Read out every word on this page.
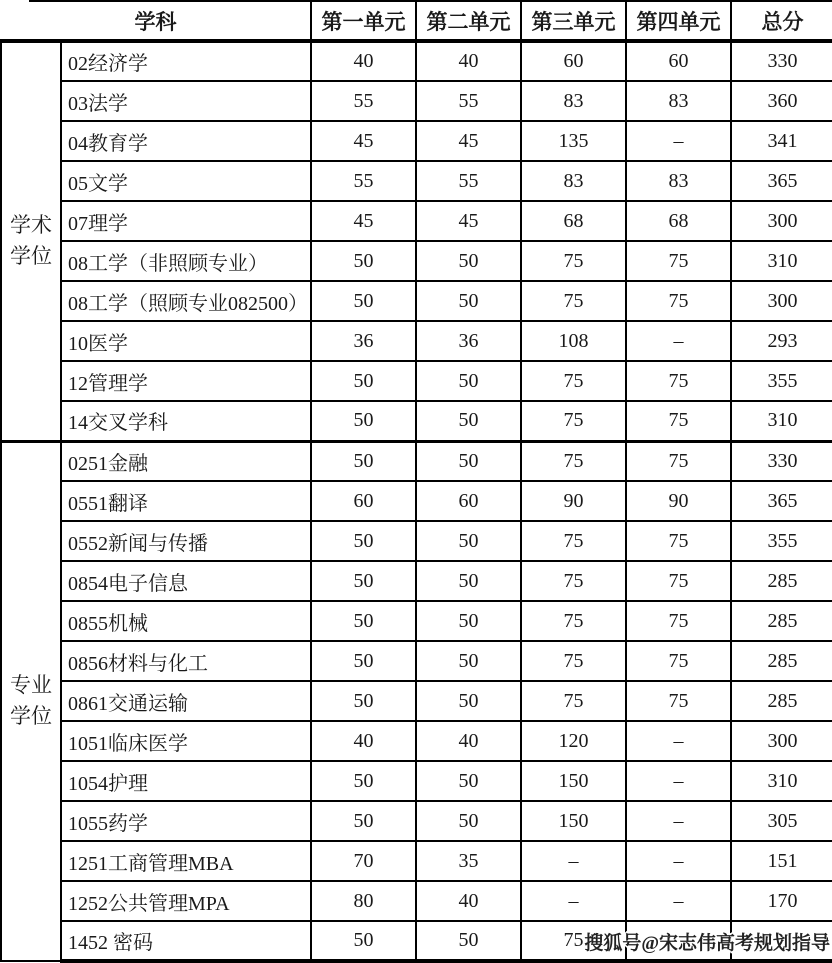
学科		第一单元	第二单元	第三单元	第四单元	总分
学术学位	02经济学	40	40	60	60	330
	03法学	55	55	83	83	360
	04教育学	45	45	135	–	341
	05文学	55	55	83	83	365
	07理学	45	45	68	68	300
	08工学（非照顾专业）	50	50	75	75	310
	08工学（照顾专业082500）	50	50	75	75	300
	10医学	36	36	108	–	293
	12管理学	50	50	75	75	355
	14交叉学科	50	50	75	75	310
专业学位	0251金融	50	50	75	75	330
	0551翻译	60	60	90	90	365
	0552新闻与传播	50	50	75	75	355
	0854电子信息	50	50	75	75	285
	0855机械	50	50	75	75	285
	0856材料与化工	50	50	75	75	285
	0861交通运输	50	50	75	75	285
	1051临床医学	40	40	120	–	300
	1054护理	50	50	150	–	310
	1055药学	50	50	150	–	305
	1251工商管理MBA	70	35	–	–	151
	1252公共管理MPA	80	40	–	–	170
	1452 密码	50	50	75		搜狐号@宋志伟高考规划指导
